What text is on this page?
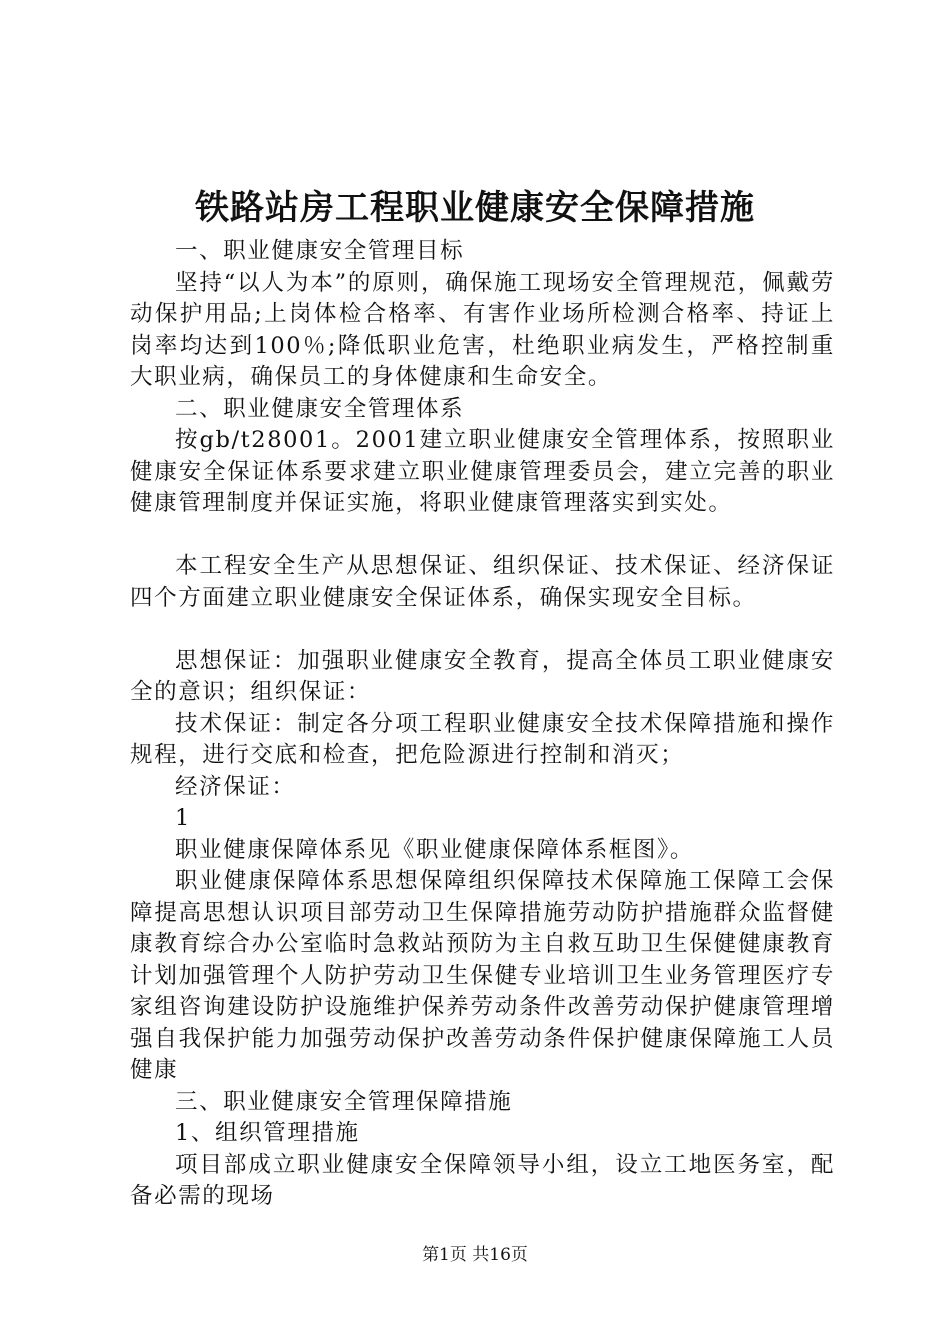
铁路站房工程职业健康安全保障措施

一、职业健康安全管理目标

坚持“以人为本”的原则，确保施工现场安全管理规范，佩戴劳动保护用品;上岗体检合格率、有害作业场所检测合格率、持证上岗率均达到100％;降低职业危害，杜绝职业病发生，严格控制重大职业病，确保员工的身体健康和生命安全。

二、职业健康安全管理体系

按gb/t28001。2001建立职业健康安全管理体系，按照职业健康安全保证体系要求建立职业健康管理委员会，建立完善的职业健康管理制度并保证实施，将职业健康管理落实到实处。

本工程安全生产从思想保证、组织保证、技术保证、经济保证四个方面建立职业健康安全保证体系，确保实现安全目标。

思想保证：加强职业健康安全教育，提高全体员工职业健康安全的意识；组织保证：

技术保证：制定各分项工程职业健康安全技术保障措施和操作规程，进行交底和检查，把危险源进行控制和消灭；

经济保证：

1

职业健康保障体系见《职业健康保障体系框图》。

职业健康保障体系思想保障组织保障技术保障施工保障工会保障提高思想认识项目部劳动卫生保障措施劳动防护措施群众监督健康教育综合办公室临时急救站预防为主自救互助卫生保健健康教育计划加强管理个人防护劳动卫生保健专业培训卫生业务管理医疗专家组咨询建设防护设施维护保养劳动条件改善劳动保护健康管理增强自我保护能力加强劳动保护改善劳动条件保护健康保障施工人员健康

三、职业健康安全管理保障措施

1、组织管理措施

项目部成立职业健康安全保障领导小组，设立工地医务室，配备必需的现场

第1页 共16页
